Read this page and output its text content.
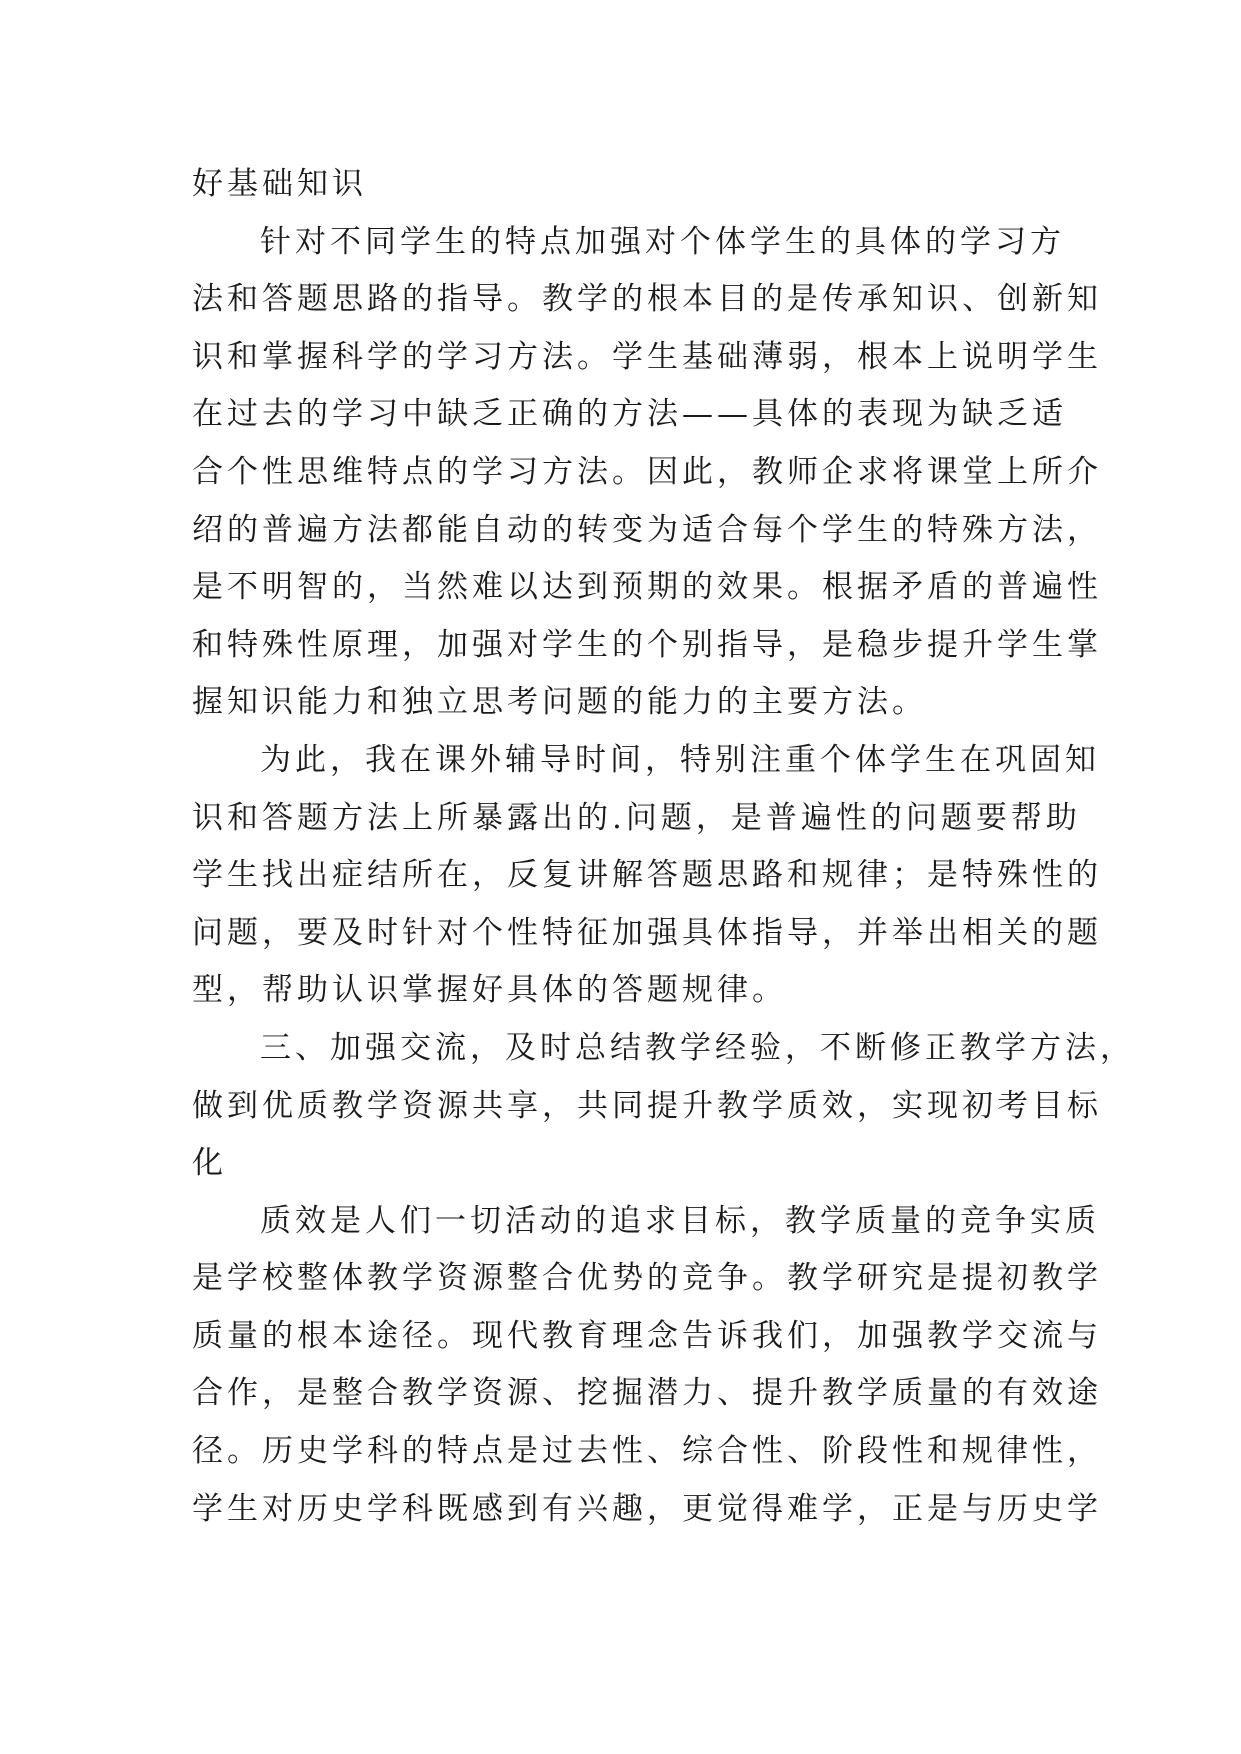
好基础知识
针对不同学生的特点加强对个体学生的具体的学习方
法和答题思路的指导。教学的根本目的是传承知识、创新知
识和掌握科学的学习方法。学生基础薄弱，根本上说明学生
在过去的学习中缺乏正确的方法——具体的表现为缺乏适
合个性思维特点的学习方法。因此，教师企求将课堂上所介
绍的普遍方法都能自动的转变为适合每个学生的特殊方法，
是不明智的，当然难以达到预期的效果。根据矛盾的普遍性
和特殊性原理，加强对学生的个别指导，是稳步提升学生掌
握知识能力和独立思考问题的能力的主要方法。
为此，我在课外辅导时间，特别注重个体学生在巩固知
识和答题方法上所暴露出的.问题，是普遍性的问题要帮助
学生找出症结所在，反复讲解答题思路和规律；是特殊性的
问题，要及时针对个性特征加强具体指导，并举出相关的题
型，帮助认识掌握好具体的答题规律。
三、加强交流，及时总结教学经验，不断修正教学方法，
做到优质教学资源共享，共同提升教学质效，实现初考目标
化
质效是人们一切活动的追求目标，教学质量的竞争实质
是学校整体教学资源整合优势的竞争。教学研究是提初教学
质量的根本途径。现代教育理念告诉我们，加强教学交流与
合作，是整合教学资源、挖掘潜力、提升教学质量的有效途
径。历史学科的特点是过去性、综合性、阶段性和规律性，
学生对历史学科既感到有兴趣，更觉得难学，正是与历史学
